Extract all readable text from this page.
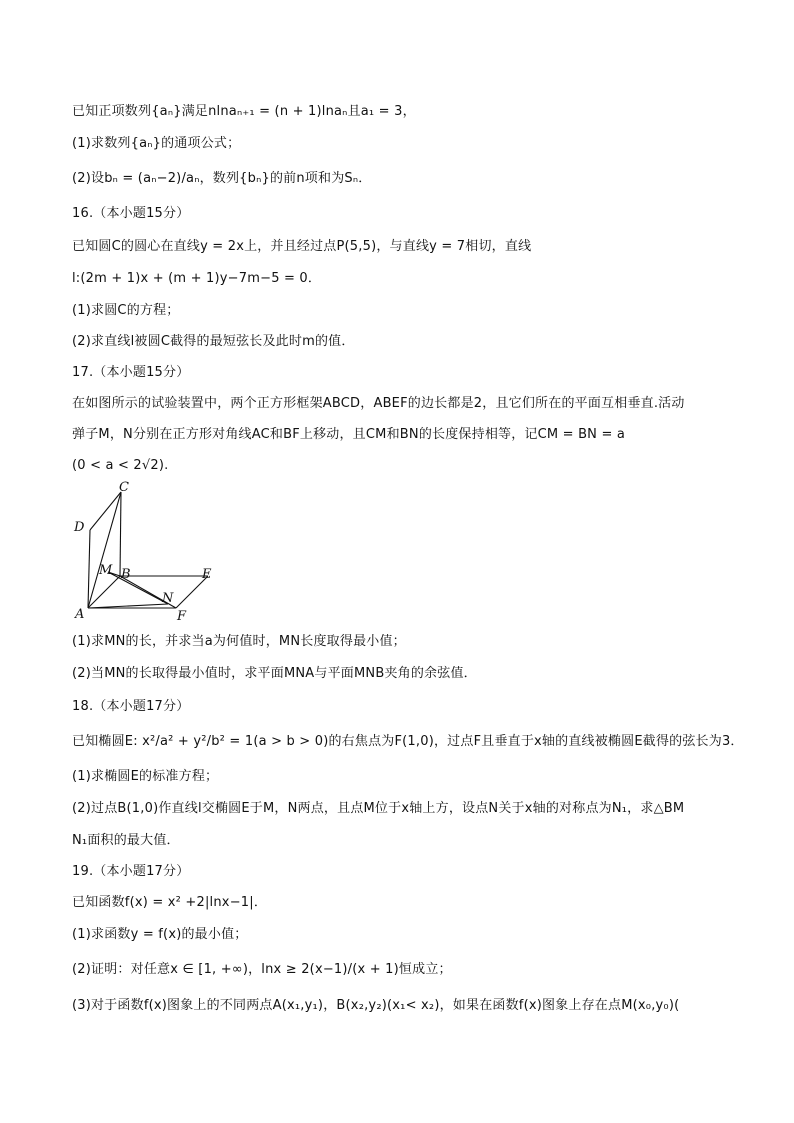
已知正项数列{aₙ}满足nlnaₙ₊₁ = (n + 1)lnaₙ且a₁ = 3，
(1)求数列{aₙ}的通项公式；
(2)设bₙ = (aₙ−2)/aₙ，数列{bₙ}的前n项和为Sₙ．
16.（本小题15分）
已知圆C的圆心在直线y = 2x上，并且经过点P(5,5)，与直线y = 7相切，直线
l:(2m + 1)x + (m + 1)y−7m−5 = 0．
(1)求圆C的方程；
(2)求直线l被圆C截得的最短弦长及此时m的值．
17.（本小题15分）
在如图所示的试验装置中，两个正方形框架ABCD，ABEF的边长都是2，且它们所在的平面互相垂直.活动
弹子M，N分别在正方形对角线AC和BF上移动，且CM和BN的长度保持相等，记CM = BN = a
(0 < a < 2√2).
(1)求MN的长，并求当a为何值时，MN长度取得最小值；
(2)当MN的长取得最小值时，求平面MNA与平面MNB夹角的余弦值．
18.（本小题17分）
已知椭圆E: x²/a² + y²/b² = 1(a > b > 0)的右焦点为F(1,0)，过点F且垂直于x轴的直线被椭圆E截得的弦长为3．
(1)求椭圆E的标准方程；
(2)过点B(1,0)作直线l交椭圆E于M，N两点，且点M位于x轴上方，设点N关于x轴的对称点为N₁，求△BM
N₁面积的最大值．
19.（本小题17分）
已知函数f(x) = x² +2|lnx−1|．
(1)求函数y = f(x)的最小值；
(2)证明：对任意x ∈ [1, +∞)，lnx ≥ 2(x−1)/(x + 1)恒成立；
(3)对于函数f(x)图象上的不同两点A(x₁,y₁)，B(x₂,y₂)(x₁< x₂)，如果在函数f(x)图象上存在点M(x₀,y₀)(
C
D
M B	E
N
A	F
